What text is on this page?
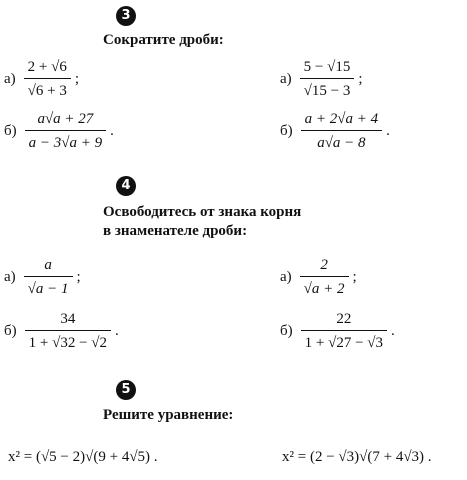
3
Сократите дроби:
$а) \frac{2 + √6}{√6 + 3}$ ;	$а) \frac{5 - √15}{√15 - 3}$ ;
$б) \frac{a√a + 27}{a - 3√a + 9}$ .	$б) \frac{a + 2√a + 4}{a√a - 8}$ .
4
Освободитесь от знака корня
в знаменателе дроби:
$а) \frac{a}{√a - 1}$ ;	$а) \frac{2}{√a + 2}$ ;
$б) \frac{34}{1 + √32 - √2}$ .	$б) \frac{22}{1 + √27 - √3}$ .
5
Решите уравнение:
x² = (√5 − 2)√(9 + 4√5) .	x² = (2 − √3)√(7 + 4√3) .
